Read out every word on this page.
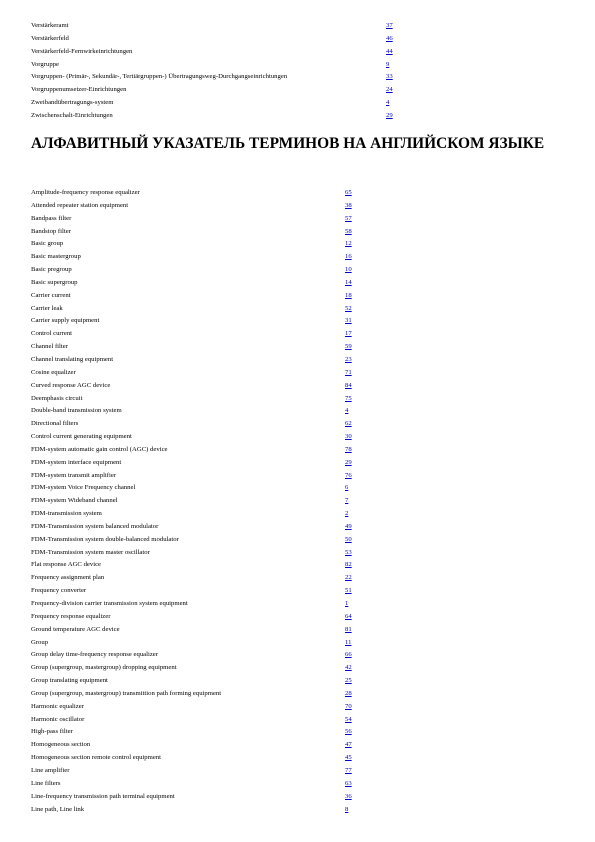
Verstärkeramt	37
Verstärkerfeld	46
Verstärkerfeld-Fernwirkeinrichtungen	44
Vorgruppe	9
Vorgruppen- (Primär-, Sekundär-, Tertiärgruppen-) Übertragungsweg-Durchgangseinrichtungen	33
Vorgruppenumsetzer-Einrichtungen	24
Zweibandübertragungs-system	4
Zwischenschalt-Einrichtungen	29
АЛФАВИТНЫЙ УКАЗАТЕЛЬ ТЕРМИНОВ НА АНГЛИЙСКОМ ЯЗЫКЕ
Amplitude-frequency response equalizer	65
Attended repeater station equipment	38
Bandpass filter	57
Bandstop filter	58
Basic group	12
Basic mastergroup	16
Basic pregroup	10
Basic supergroup	14
Carrier current	18
Carrier leak	52
Carrier supply equipment	31
Control current	17
Channel filter	59
Channel translating equipment	23
Cosine equalizer	71
Curved response AGC device	84
Deemphasis circuit	75
Double-band transmission system	4
Directional filters	62
Control current generating equipment	30
FDM-system automatic gain control (AGC) device	78
FDM-system interface equipment	29
FDM-system transmit amplifier	76
FDM-system Voice Frequency channel	6
FDM-system Wideband channel	7
FDM-transmission system	2
FDM-Transmission system balanced modulator	49
FDM-Transmission system double-balanced modulator	50
FDM-Transmission system master oscillator	53
Flat response AGC device	82
Frequency assignment plan	22
Frequency converter	51
Frequency-division carrier transmission system equipment	1
Frequency response equalizer	64
Ground temperature AGC device	81
Group	11
Group delay time-frequency response equalizer	66
Group (supergroup, mastergroup) dropping equipment	42
Group translating equipment	25
Group (supergroup, mastergroup) transmittion path forming equipment	28
Harmonic equalizer	70
Harmonic oscillator	54
High-pass filter	56
Homogeneous section	47
Homogeneous section remote control equipment	45
Line amplifier	77
Line filters	63
Line-frequency transmission path terminal equipment	36
Line path, Line link	8
